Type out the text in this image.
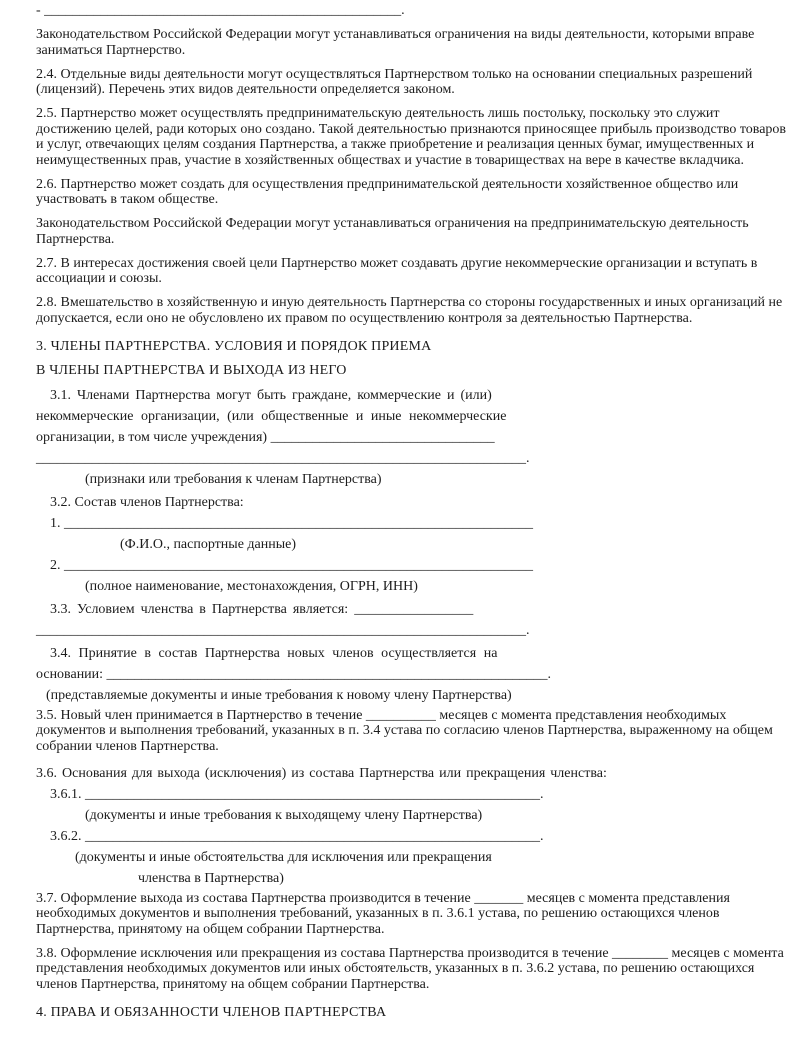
- ___________________________________________________.
Законодательством Российской Федерации могут устанавливаться ограничения на виды деятельности, которыми вправе заниматься Партнерство.
2.4. Отдельные виды деятельности могут осуществляться Партнерством только на основании специальных разрешений (лицензий). Перечень этих видов деятельности определяется законом.
2.5. Партнерство может осуществлять предпринимательскую деятельность лишь постольку, поскольку это служит достижению целей, ради которых оно создано. Такой деятельностью признаются приносящее прибыль производство товаров и услуг, отвечающих целям создания Партнерства, а также приобретение и реализация ценных бумаг, имущественных и неимущественных прав, участие в хозяйственных обществах и участие в товариществах на вере в качестве вкладчика.
2.6. Партнерство может создать для осуществления предпринимательской деятельности хозяйственное общество или участвовать в таком обществе.
Законодательством Российской Федерации могут устанавливаться ограничения на предпринимательскую деятельность Партнерства.
2.7. В интересах достижения своей цели Партнерство может создавать другие некоммерческие организации и вступать в ассоциации и союзы.
2.8. Вмешательство в хозяйственную и иную деятельность Партнерства со стороны государственных и иных организаций не допускается, если оно не обусловлено их правом по осуществлению контроля за деятельностью Партнерства.
3. ЧЛЕНЫ ПАРТНЕРСТВА. УСЛОВИЯ И ПОРЯДОК ПРИЕМА
В ЧЛЕНЫ ПАРТНЕРСТВА И ВЫХОДА ИЗ НЕГО
3.1. Членами Партнерства могут быть граждане, коммерческие и (или)
некоммерческие организации, (или общественные и иные некоммерческие
организации, в том числе учреждения) ________________________________
______________________________________________________________________.
(признаки или требования к членам Партнерства)
3.2. Состав членов Партнерства:
1. ___________________________________________________________________
(Ф.И.О., паспортные данные)
2. ___________________________________________________________________
(полное наименование, местонахождения, ОГРН, ИНН)
3.3. Условием членства в Партнерства является: _________________
______________________________________________________________________.
3.4. Принятие в состав Партнерства новых членов осуществляется на
основании: _______________________________________________________________.
(представляемые документы и иные требования к новому члену Партнерства)
3.5. Новый член принимается в Партнерство в течение __________ месяцев с момента представления необходимых документов и выполнения требований, указанных в п. 3.4 устава по согласию членов Партнерства, выраженному на общем собрании членов Партнерства.
3.6. Основания для выхода (исключения) из состава Партнерства или прекращения членства:
3.6.1. _________________________________________________________________.
(документы и иные требования к выходящему члену Партнерства)
3.6.2. _________________________________________________________________.
(документы и иные обстоятельства для исключения или прекращения
членства в Партнерства)
3.7. Оформление выхода из состава Партнерства производится в течение _______ месяцев с момента представления необходимых документов и выполнения требований, указанных в п. 3.6.1 устава, по решению остающихся членов Партнерства, принятому на общем собрании Партнерства.
3.8. Оформление исключения или прекращения из состава Партнерства производится в течение ________ месяцев с момента представления необходимых документов или иных обстоятельств, указанных в п. 3.6.2 устава, по решению остающихся членов Партнерства, принятому на общем собрании Партнерства.
4. ПРАВА И ОБЯЗАННОСТИ ЧЛЕНОВ ПАРТНЕРСТВА
